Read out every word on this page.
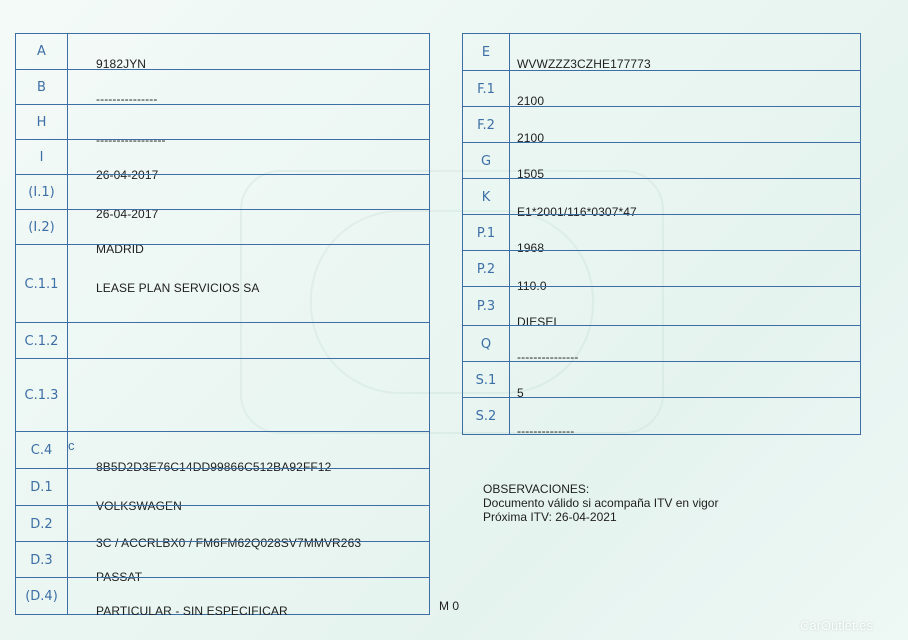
A
9182JYN
B
---------------
H
-----------------
I
26-04-2017
(I.1)
26-04-2017
(I.2)
MADRID
C.1.1	LEASE PLAN SERVICIOS SA
C.1.2
C.1.3
C.4	c
8B5D2D3E76C14DD99866C512BA92FF12
D.1
VOLKSWAGEN
D.2
3C / ACCRLBX0 / FM6FM62Q028SV7MMVR263
D.3
PASSAT
(D.4)
PARTICULAR - SIN ESPECIFICAR
E
WVWZZZ3CZHE177773
F.1
2100
F.2
2100
G
1505
K
E1*2001/116*0307*47
P.1
1968
P.2
110.0
P.3
DIESEL
Q
---------------
S.1
5
S.2
--------------
OBSERVACIONES:
Documento válido si acompaña ITV en vigor
Próxima ITV: 26-04-2021
M 0
CarOutlet.es
